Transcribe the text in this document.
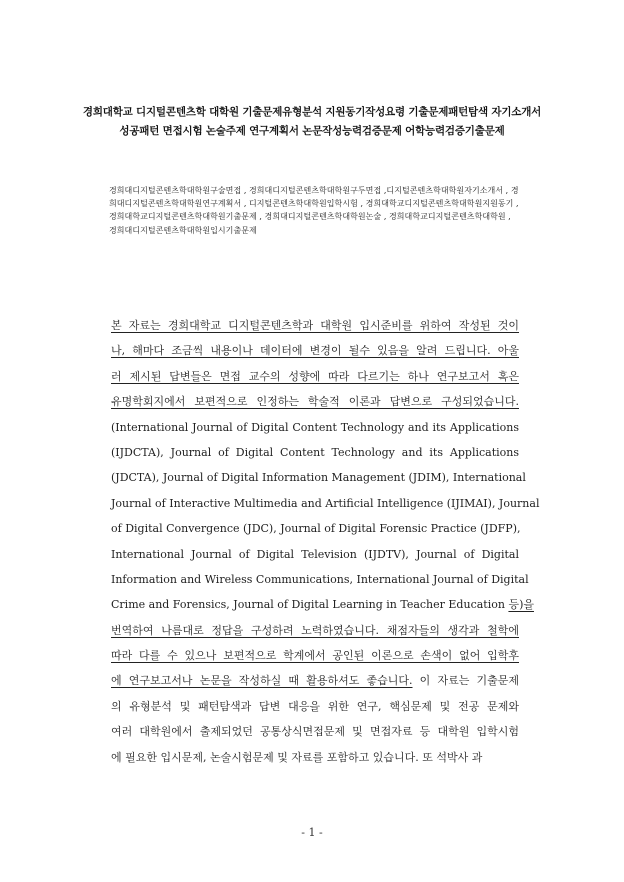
경희대학교 디지털콘텐츠학 대학원 기출문제유형분석 지원동기작성요령 기출문제패턴탐색 자기소개서
성공패턴 면접시험 논술주제 연구계획서 논문작성능력검증문제 어학능력검증기출문제
경희대디지털콘텐츠학대학원구술면접 , 경희대디지털콘텐츠학대학원구두면접 ,디지털콘텐츠학대학원자기소개서 , 경희대디지털콘텐츠학대학원연구계획서 , 디지털콘텐츠학대학원입학시험 , 경희대학교디지털콘텐츠학대학원지원동기 , 경희대학교디지털콘텐츠학대학원기출문제 , 경희대디지털콘텐츠학대학원논술 , 경희대학교디지털콘텐츠학대학원 , 경희대디지털콘텐츠학대학원입시기출문제
본 자료는 경희대학교 디지털콘텐츠학과 대학원 입시준비를 위하여 작성된 것이
나, 해마다 조금씩 내용이나 데이터에 변경이 될수 있음을 알려 드립니다. 아울
러 제시된 답변들은 면접 교수의 성향에 따라 다르기는 하나 연구보고서 혹은
유명학회지에서 보편적으로 인정하는 학술적 이론과 답변으로 구성되었습니다.
(International Journal of Digital Content Technology and its Applications
(IJDCTA), Journal of Digital Content Technology and its Applications
(JDCTA), Journal of Digital Information Management (JDIM), International
Journal of Interactive Multimedia and Artificial Intelligence (IJIMAI), Journal
of Digital Convergence (JDC), Journal of Digital Forensic Practice (JDFP),
International Journal of Digital Television (IJDTV), Journal of Digital
Information and Wireless Communications, International Journal of Digital
Crime and Forensics, Journal of Digital Learning in Teacher Education 등)을
번역하여 나름대로 정답을 구성하려 노력하였습니다. 채점자들의 생각과 철학에
따라 다를 수 있으나 보편적으로 학계에서 공인된 이론으로 손색이 없어 입학후
에 연구보고서나 논문을 작성하실 때 활용하셔도 좋습니다. 이 자료는 기출문제
의 유형분석 및 패턴탐색과 답변 대응을 위한 연구, 핵심문제 및 전공 문제와
여러 대학원에서 출제되었던 공통상식면접문제 및 면접자료 등 대학원 입학시험
에 필요한 입시문제, 논술시험문제 및 자료를 포함하고 있습니다. 또 석박사 과
- 1 -
